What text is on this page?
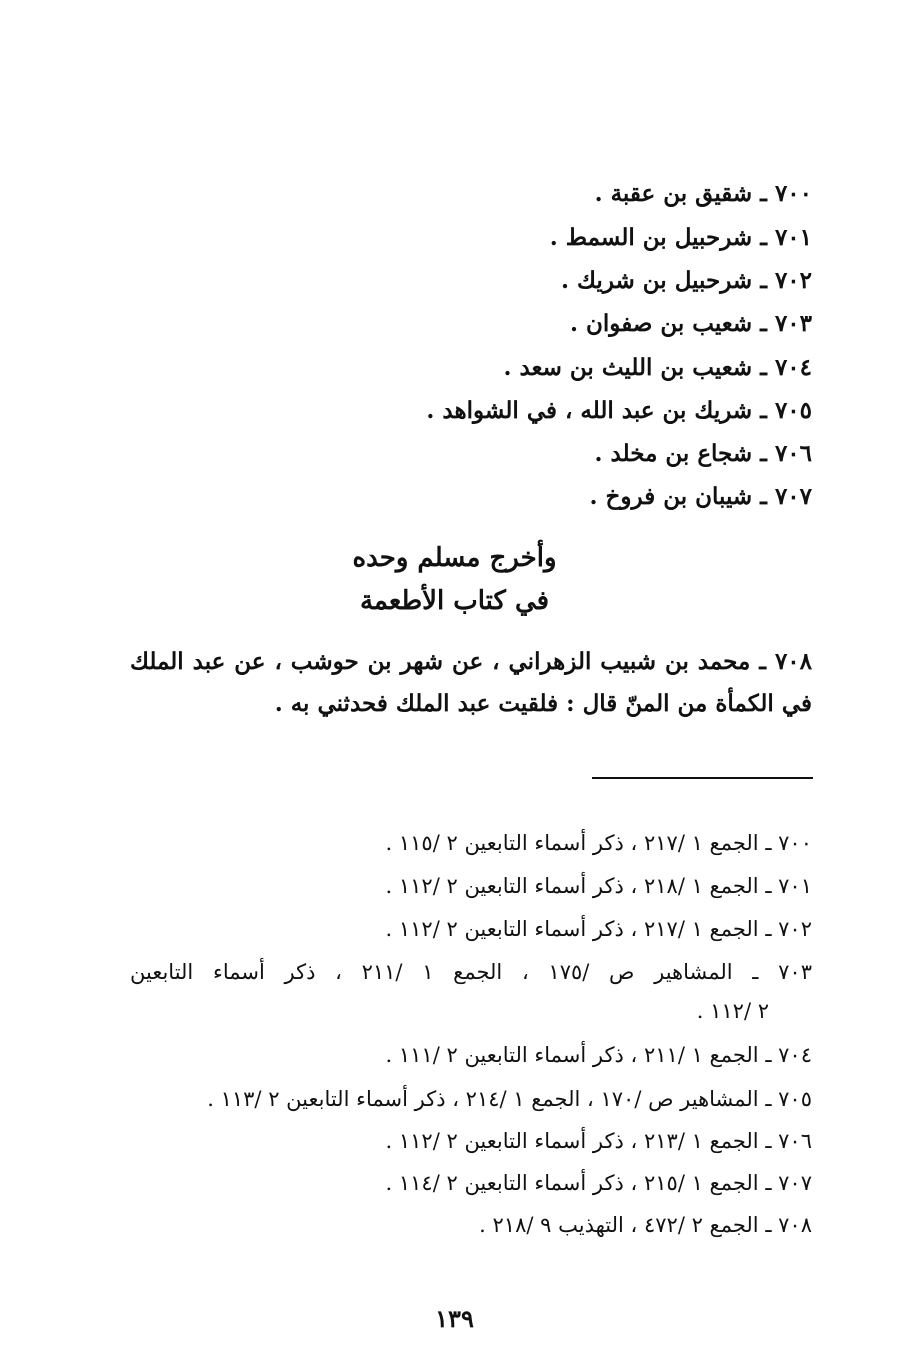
٧٠٠ ـ شقيق بن عقبة .
٧٠١ ـ شرحبيل بن السمط .
٧٠٢ ـ شرحبيل بن شريك .
٧٠٣ ـ شعيب بن صفوان .
٧٠٤ ـ شعيب بن الليث بن سعد .
٧٠٥ ـ شريك بن عبد الله ، في الشواهد .
٧٠٦ ـ شجاع بن مخلد .
٧٠٧ ـ شيبان بن فروخ .
وأخرج مسلم وحده
في كتاب الأطعمة
٧٠٨ ـ محمد بن شبيب الزهراني ، عن شهر بن حوشب ، عن عبد الملك
في الكمأة من المنّ قال : فلقيت عبد الملك فحدثني به .
٧٠٠ ـ الجمع ١ /٢١٧ ، ذكر أسماء التابعين ٢ /١١٥ .
٧٠١ ـ الجمع ١ /٢١٨ ، ذكر أسماء التابعين ٢ /١١٢ .
٧٠٢ ـ الجمع ١ /٢١٧ ، ذكر أسماء التابعين ٢ /١١٢ .
٧٠٣ ـ المشاهير ص /١٧٥ ، الجمع ١ /٢١١ ، ذكر أسماء التابعين
٢ /١١٢ .
٧٠٤ ـ الجمع ١ /٢١١ ، ذكر أسماء التابعين ٢ /١١١ .
٧٠٥ ـ المشاهير ص /١٧٠ ، الجمع ١ /٢١٤ ، ذكر أسماء التابعين ٢ /١١٣ .
٧٠٦ ـ الجمع ١ /٢١٣ ، ذكر أسماء التابعين ٢ /١١٢ .
٧٠٧ ـ الجمع ١ /٢١٥ ، ذكر أسماء التابعين ٢ /١١٤ .
٧٠٨ ـ الجمع ٢ /٤٧٢ ، التهذيب ٩ /٢١٨ .
١٣٩
